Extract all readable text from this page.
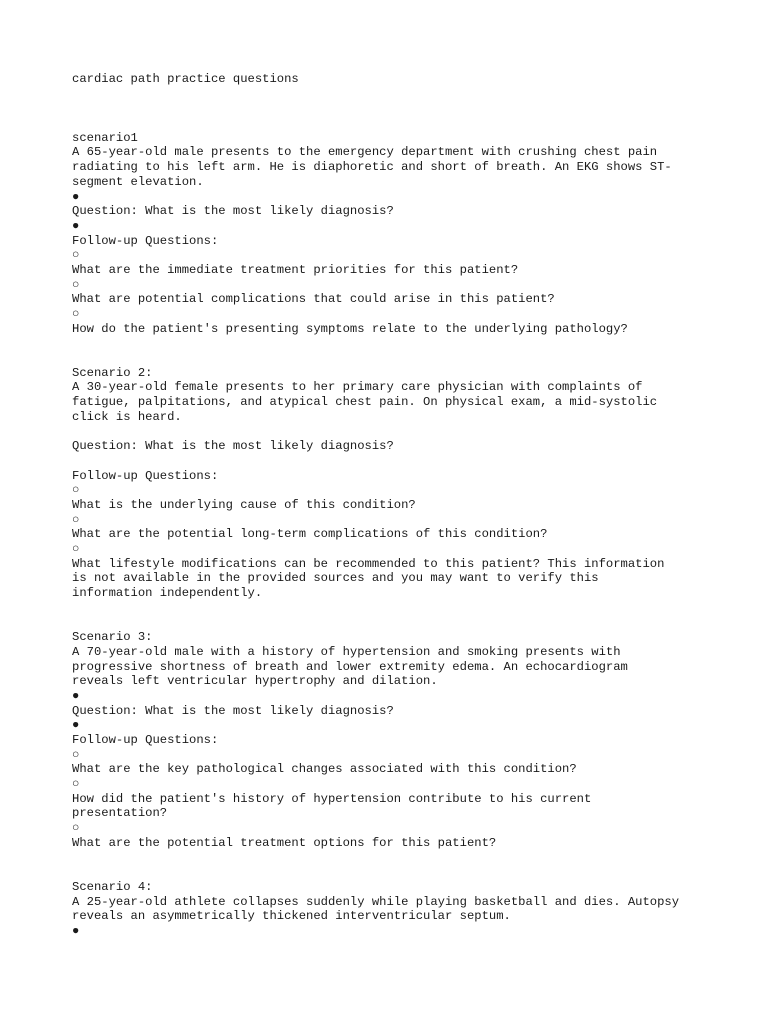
cardiac path practice questions
scenario1
A 65-year-old male presents to the emergency department with crushing chest pain
radiating to his left arm. He is diaphoretic and short of breath. An EKG shows ST-
segment elevation.
●
Question: What is the most likely diagnosis?
●
Follow-up Questions:
○
What are the immediate treatment priorities for this patient?
○
What are potential complications that could arise in this patient?
○
How do the patient's presenting symptoms relate to the underlying pathology?
Scenario 2:
A 30-year-old female presents to her primary care physician with complaints of
fatigue, palpitations, and atypical chest pain. On physical exam, a mid-systolic
click is heard.
Question: What is the most likely diagnosis?
Follow-up Questions:
○
What is the underlying cause of this condition?
○
What are the potential long-term complications of this condition?
○
What lifestyle modifications can be recommended to this patient? This information
is not available in the provided sources and you may want to verify this
information independently.
Scenario 3:
A 70-year-old male with a history of hypertension and smoking presents with
progressive shortness of breath and lower extremity edema. An echocardiogram
reveals left ventricular hypertrophy and dilation.
●
Question: What is the most likely diagnosis?
●
Follow-up Questions:
○
What are the key pathological changes associated with this condition?
○
How did the patient's history of hypertension contribute to his current
presentation?
○
What are the potential treatment options for this patient?
Scenario 4:
A 25-year-old athlete collapses suddenly while playing basketball and dies. Autopsy
reveals an asymmetrically thickened interventricular septum.
●
